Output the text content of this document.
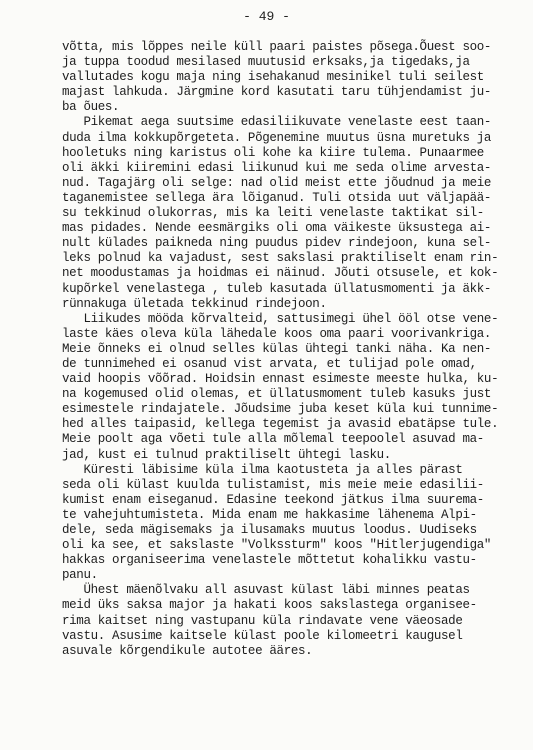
- 49 -
võtta, mis lõppes neile küll paari paistes põsega.Õuest soo-
ja tuppa toodud mesilased muutusid erksaks,ja tigedaks,ja
vallutades kogu maja ning isehakanud mesinikel tuli seilest
majast lahkuda. Järgmine kord kasutati taru tühjendamist ju-
ba õues.
Pikemat aega suutsime edasiliikuvate venelaste eest taan-
duda ilma kokkupõrgeteta. Põgenemine muutus üsna muretuks ja
hooletuks ning karistus oli kohe ka kiire tulema. Punaarmee
oli äkki kiiremini edasi liikunud kui me seda olime arvesta-
nud. Tagajärg oli selge: nad olid meist ette jõudnud ja meie
taganemistee sellega ära lõiganud. Tuli otsida uut väljapää-
su tekkinud olukorras, mis ka leiti venelaste taktikat sil-
mas pidades. Nende eesmärgiks oli oma väikeste üksustega ai-
nult külades paikneda ning puudus pidev rindejoon, kuna sel-
leks polnud ka vajadust, sest sakslasi praktiliselt enam rin-
net moodustamas ja hoidmas ei näinud. Jõuti otsusele, et kok-
kupõrkel venelastega , tuleb kasutada üllatusmomenti ja äkk-
rünnakuga ületada tekkinud rindejoon.
Liikudes mööda kõrvalteid, sattusimegi ühel ööl otse vene-
laste käes oleva küla lähedale koos oma paari voorivankriga.
Meie õnneks ei olnud selles külas ühtegi tanki näha. Ka nen-
de tunnimehed ei osanud vist arvata, et tulijad pole omad,
vaid hoopis võõrad. Hoidsin ennast esimeste meeste hulka, ku-
na kogemused olid olemas, et üllatusmoment tuleb kasuks just
esimestele rindajatele. Jõudsime juba keset küla kui tunnime-
hed alles taipasid, kellega tegemist ja avasid ebatäpse tule.
Meie poolt aga võeti tule alla mõlemal teepoolel asuvad ma-
jad, kust ei tulnud praktiliselt ühtegi lasku.
Küresti läbisime küla ilma kaotusteta ja alles pärast
seda oli külast kuulda tulistamist, mis meie meie edasilii-
kumist enam eiseganud. Edasine teekond jätkus ilma suurema-
te vahejuhtumisteta. Mida enam me hakkasime lähenema Alpi-
dele, seda mägisemaks ja ilusamaks muutus loodus. Uudiseks
oli ka see, et sakslaste "Volkssturm" koos "Hitlerjugendiga"
hakkas organiseerima venelastele mõttetut kohalikku vastu-
panu.
Ühest mäenõlvaku all asuvast külast läbi minnes peatas
meid üks saksa major ja hakati koos sakslastega organisee-
rima kaitset ning vastupanu küla rindavate vene väeosade
vastu. Asusime kaitsele külast poole kilomeetri kaugusel
asuvale kõrgendikule autotee ääres.
